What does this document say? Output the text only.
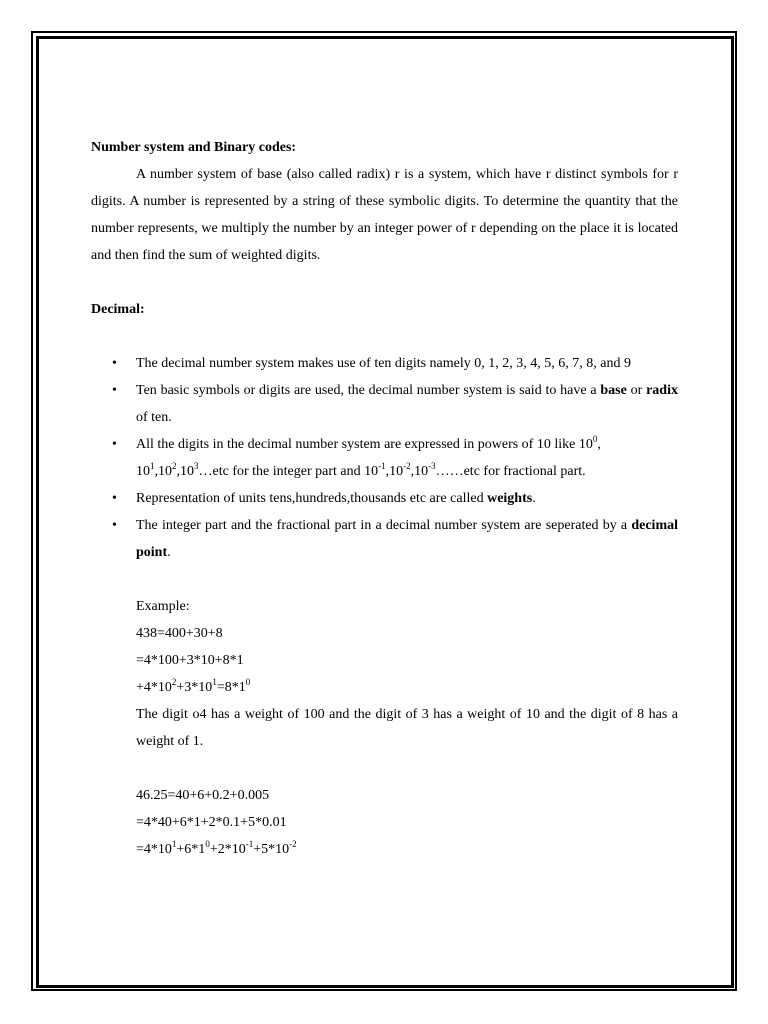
Number system and Binary codes:

A number system of base (also called radix) r is a system, which have r distinct symbols for r digits. A number is represented by a string of these symbolic digits. To determine the quantity that the number represents, we multiply the number by an integer power of r depending on the place it is located and then find the sum of weighted digits.

Decimal:

• The decimal number system makes use of ten digits namely 0, 1, 2, 3, 4, 5, 6, 7, 8, and 9
• Ten basic symbols or digits are used, the decimal number system is said to have a base or radix of ten.
• All the digits in the decimal number system are expressed in powers of 10 like $10^0$,
$10^1,10^2,10^3\dots etc$ for the integer part and $10^{-1},10^{-2},10^{-3}\dots\dots etc$ for fractional part.
• Representation of units tens,hundreds,thousands etc are called weights.
• The integer part and the fractional part in a decimal number system are seperated by a decimal point.

Example:

438=400+30+8

=4*100+3*10+8*1

$+4*10^2+3*10^1=8*1^0$

The digit o4 has a weight of 100 and the digit of 3 has a weight of 10 and the digit of 8 has a weight of 1.

46.25=40+6+0.2+0.005

=4*40+6*1+2*0.1+5*0.01

$=4*10^1+6*1^0+2*10^{-1}+5*10^{-2}$
